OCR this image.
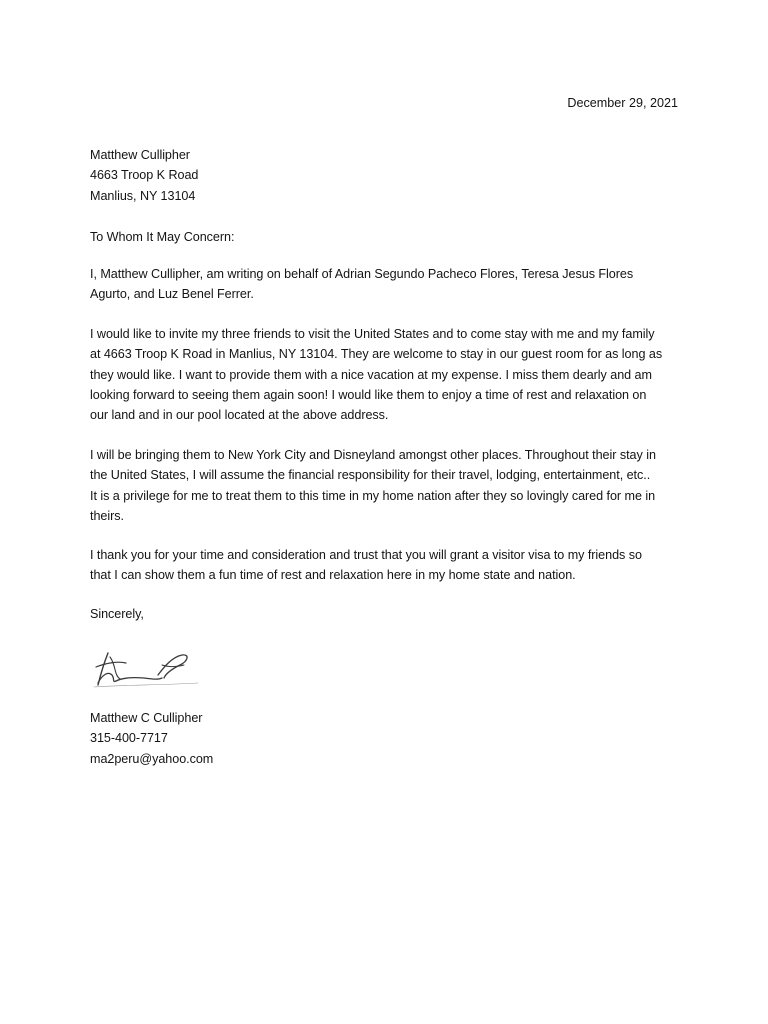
December 29, 2021
Matthew Cullipher
4663 Troop K Road
Manlius, NY 13104
To Whom It May Concern:
I, Matthew Cullipher, am writing on behalf of Adrian Segundo Pacheco Flores, Teresa Jesus Flores
Agurto, and Luz Benel Ferrer.
I would like to invite my three friends to visit the United States and to come stay with me and my family
at 4663 Troop K Road in Manlius, NY 13104. They are welcome to stay in our guest room for as long as
they would like. I want to provide them with a nice vacation at my expense. I miss them dearly and am
looking forward to seeing them again soon! I would like them to enjoy a time of rest and relaxation on
our land and in our pool located at the above address.
I will be bringing them to New York City and Disneyland amongst other places. Throughout their stay in
the United States, I will assume the financial responsibility for their travel, lodging, entertainment, etc..
It is a privilege for me to treat them to this time in my home nation after they so lovingly cared for me in
theirs.
I thank you for your time and consideration and trust that you will grant a visitor visa to my friends so
that I can show them a fun time of rest and relaxation here in my home state and nation.
Sincerely,
Matthew C Cullipher
315-400-7717
ma2peru@yahoo.com
